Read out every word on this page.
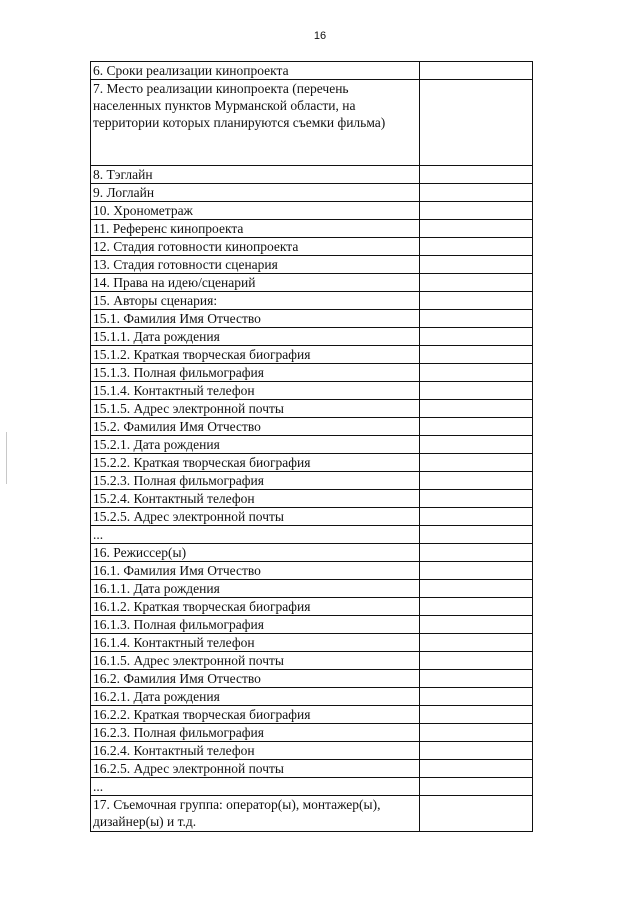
16
6. Сроки реализации кинопроекта	
7. Место реализации кинопроекта (перечень населенных пунктов Мурманской области, на территории которых планируются съемки фильма)	
8. Тэглайн	
9. Логлайн	
10. Хронометраж	
11. Референс кинопроекта	
12. Стадия готовности кинопроекта	
13. Стадия готовности сценария	
14. Права на идею/сценарий	
15. Авторы сценария:	
15.1. Фамилия Имя Отчество	
15.1.1. Дата рождения	
15.1.2. Краткая творческая биография	
15.1.3. Полная фильмография	
15.1.4. Контактный телефон	
15.1.5. Адрес электронной почты	
15.2. Фамилия Имя Отчество	
15.2.1. Дата рождения	
15.2.2. Краткая творческая биография	
15.2.3. Полная фильмография	
15.2.4. Контактный телефон	
15.2.5. Адрес электронной почты	
...	
16. Режиссер(ы)	
16.1. Фамилия Имя Отчество	
16.1.1. Дата рождения	
16.1.2. Краткая творческая биография	
16.1.3. Полная фильмография	
16.1.4. Контактный телефон	
16.1.5. Адрес электронной почты	
16.2. Фамилия Имя Отчество	
16.2.1. Дата рождения	
16.2.2. Краткая творческая биография	
16.2.3. Полная фильмография	
16.2.4. Контактный телефон	
16.2.5. Адрес электронной почты	
...	
17. Съемочная группа: оператор(ы), монтажер(ы), дизайнер(ы) и т.д.	
